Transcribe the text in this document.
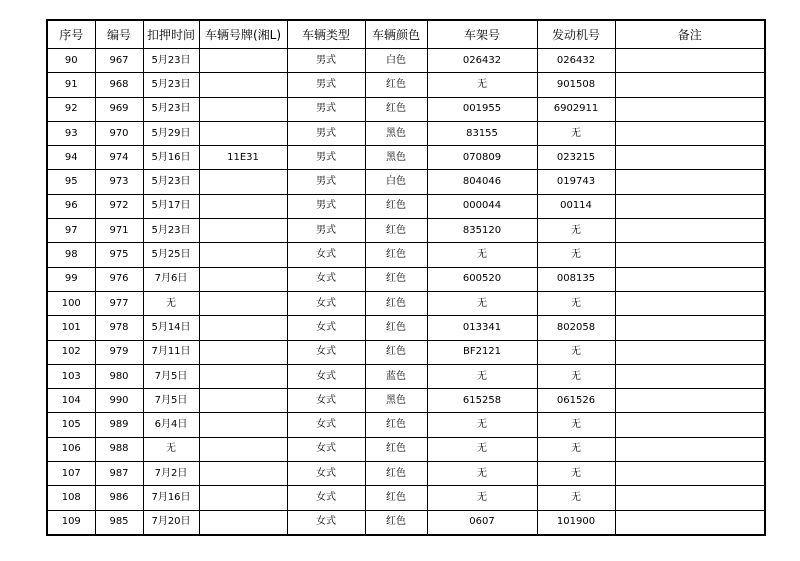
序号	编号	扣押时间	车辆号牌(湘L)	车辆类型	车辆颜色	车架号	发动机号	备注
90	967	5月23日		男式	白色	026432	026432	
91	968	5月23日		男式	红色	无	901508	
92	969	5月23日		男式	红色	001955	6902911	
93	970	5月29日		男式	黑色	83155	无	
94	974	5月16日	11E31	男式	黑色	070809	023215	
95	973	5月23日		男式	白色	804046	019743	
96	972	5月17日		男式	红色	000044	00114	
97	971	5月23日		男式	红色	835120	无	
98	975	5月25日		女式	红色	无	无	
99	976	7月6日		女式	红色	600520	008135	
100	977	无		女式	红色	无	无	
101	978	5月14日		女式	红色	013341	802058	
102	979	7月11日		女式	红色	BF2121	无	
103	980	7月5日		女式	蓝色	无	无	
104	990	7月5日		女式	黑色	615258	061526	
105	989	6月4日		女式	红色	无	无	
106	988	无		女式	红色	无	无	
107	987	7月2日		女式	红色	无	无	
108	986	7月16日		女式	红色	无	无	
109	985	7月20日		女式	红色	0607	101900	
